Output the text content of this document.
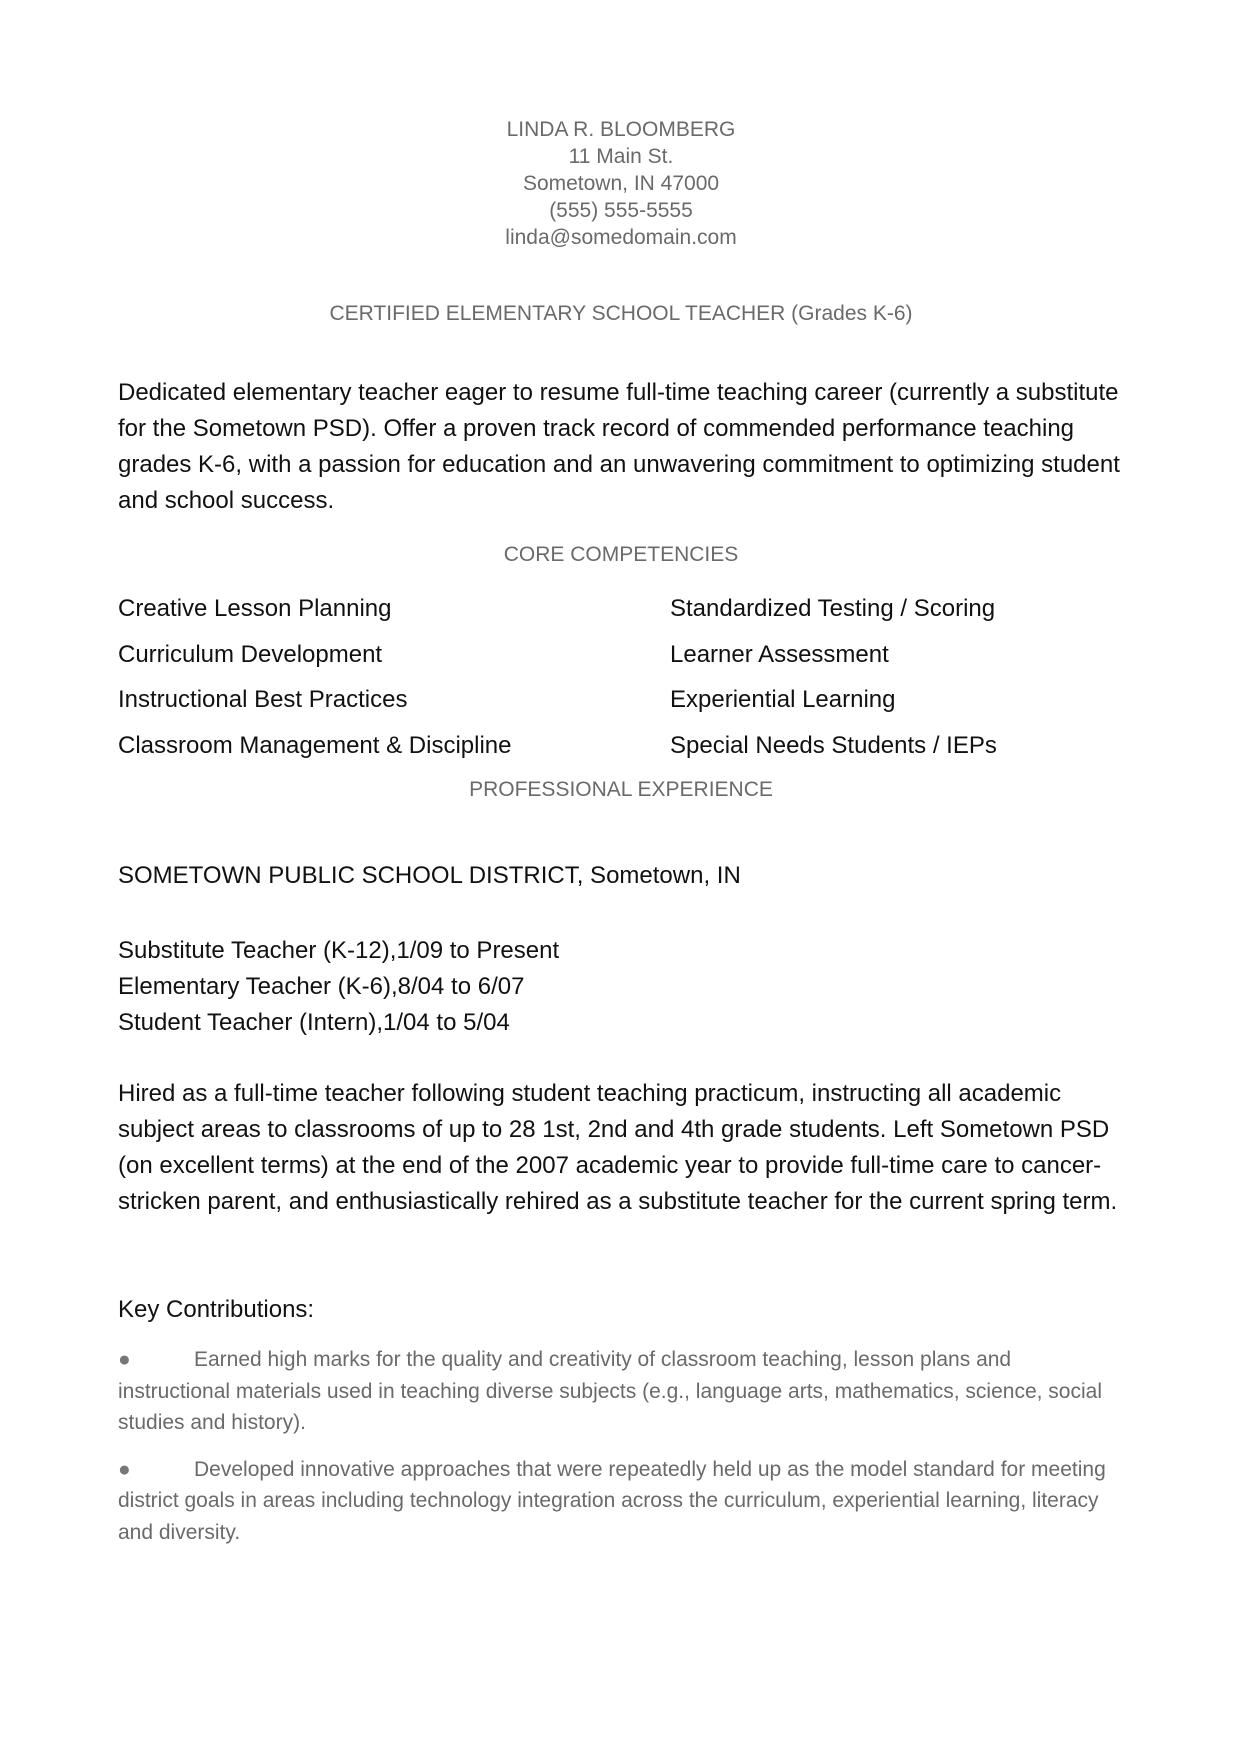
LINDA R. BLOOMBERG
11 Main St.
Sometown, IN 47000
(555) 555-5555
linda@somedomain.com
CERTIFIED ELEMENTARY SCHOOL TEACHER (Grades K-6)
Dedicated elementary teacher eager to resume full-time teaching career (currently a substitute for the Sometown PSD). Offer a proven track record of commended performance teaching grades K-6, with a passion for education and an unwavering commitment to optimizing student and school success.
CORE COMPETENCIES
Creative Lesson Planning	Standardized Testing / Scoring
Curriculum Development	Learner Assessment
Instructional Best Practices	Experiential Learning
Classroom Management & Discipline	Special Needs Students / IEPs
PROFESSIONAL EXPERIENCE
SOMETOWN PUBLIC SCHOOL DISTRICT, Sometown, IN
Substitute Teacher (K-12),1/09 to Present
Elementary Teacher (K-6),8/04 to 6/07
Student Teacher (Intern),1/04 to 5/04
Hired as a full-time teacher following student teaching practicum, instructing all academic subject areas to classrooms of up to 28 1st, 2nd and 4th grade students. Left Sometown PSD (on excellent terms) at the end of the 2007 academic year to provide full-time care to cancer-stricken parent, and enthusiastically rehired as a substitute teacher for the current spring term.
Key Contributions:
●	Earned high marks for the quality and creativity of classroom teaching, lesson plans and instructional materials used in teaching diverse subjects (e.g., language arts, mathematics, science, social studies and history).
●	Developed innovative approaches that were repeatedly held up as the model standard for meeting district goals in areas including technology integration across the curriculum, experiential learning, literacy and diversity.
